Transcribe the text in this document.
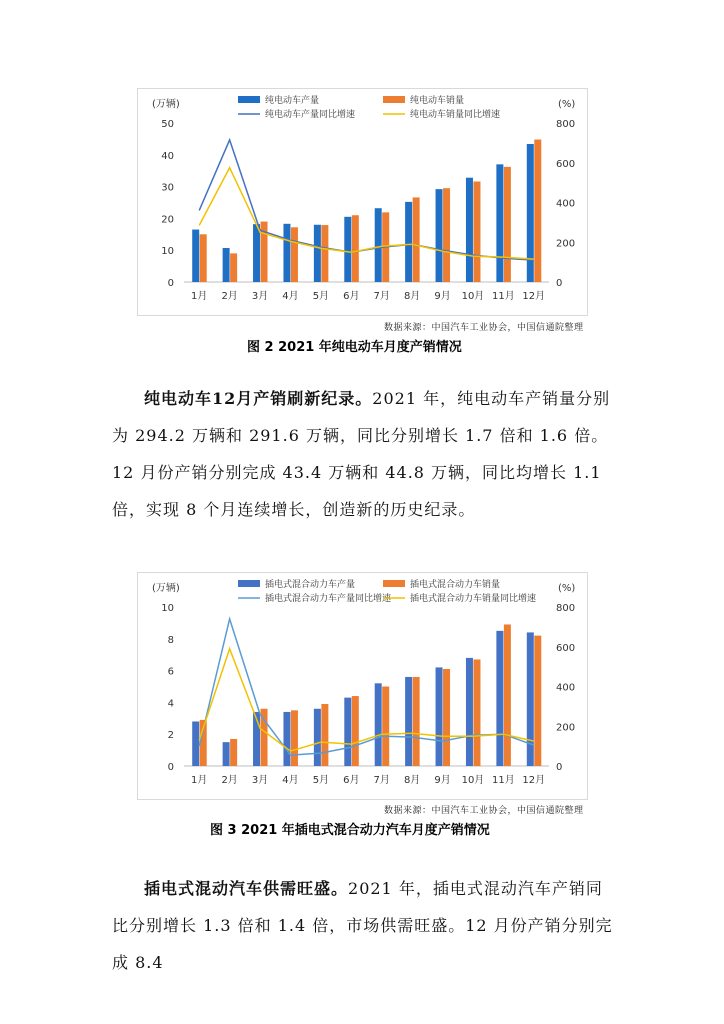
(万辆)	(%)
0
10
20
30
40
50
0
200
400
600
800
1月 2月 3月 4月 5月 6月 7月 8月 9月 10月 11月 12月
纯电动车产量	纯电动车销量
纯电动车产量同比增速	纯电动车销量同比增速
数据来源：中国汽车工业协会，中国信通院整理
图 2 2021 年纯电动车月度产销情况

纯电动车12月产销刷新纪录。2021 年，纯电动车产销量分别为 294.2 万辆和 291.6 万辆，同比分别增长 1.7 倍和 1.6 倍。12 月份产销分别完成 43.4 万辆和 44.8 万辆，同比均增长 1.1 倍，实现 8 个月连续增长，创造新的历史纪录。

(万辆)	(%)
0
2
4
6
8
10
0
200
400
600
800
1月 2月 3月 4月 5月 6月 7月 8月 9月 10月 11月 12月
插电式混合动力车产量	插电式混合动力车销量
插电式混合动力车产量同比增速 插电式混合动力车销量同比增速
数据来源：中国汽车工业协会，中国信通院整理
图 3 2021 年插电式混合动力汽车月度产销情况

插电式混动汽车供需旺盛。2021 年，插电式混动汽车产销同比分别增长 1.3 倍和 1.4 倍，市场供需旺盛。12 月份产销分别完成 8.4
